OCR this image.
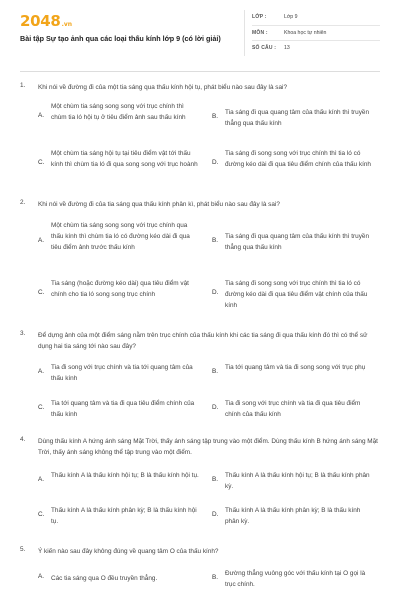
2048 .vn
Bài tập Sự tạo ảnh qua các loại thấu kính lớp 9 (có lời giải)
LỚP :	Lớp 9
MÔN :	Khoa học tự nhiên
SỐ CÂU : 13
1. Khi nói về đường đi của một tia sáng qua thấu kính hội tụ, phát biểu nào sau đây là sai?
A.
Một chùm tia sáng song song với trục chính thì chùm tia ló hội tụ ở tiêu điểm ảnh sau thấu kính	B.
Tia sáng đi qua quang tâm của thấu kính thì truyền thẳng qua thấu kính
C.
Một chùm tia sáng hội tụ tại tiêu điểm vật tới thấu kính thì chùm tia ló đi qua song song với trục hoành D.
Tia sáng đi song song với trục chính thì tia ló có đường kéo dài đi qua tiêu điểm chính của thấu kính
2. Khi nói về đường đi của tia sáng qua thấu kính phân kì, phát biểu nào sau đây là sai?
A.
Một chùm tia sáng song song với trục chính qua thấu kính thì chùm tia ló có đường kéo dài đi qua tiêu điểm ảnh trước thấu kính
B.
Tia sáng đi qua quang tâm của thấu kính thì truyền thẳng qua thấu kính
C.
Tia sáng (hoặc đường kéo dài) qua tiêu điểm vật chính cho tia ló song song trục chính	D.
Tia sáng đi song song với trục chính thì tia ló có đường kéo dài đi qua tiêu điểm vật chính của thấu kính
3. Để dựng ảnh của một điểm sáng nằm trên trục chính của thấu kính khi các tia sáng đi qua thấu kính đó thì có thể sử dụng hai tia sáng tới nào sau đây?
A.
Tia đi song với trục chính và tia tới quang tâm của thấu kính
B.
Tia tới quang tâm và tia đi song song với trục phụ
C.
Tia tới quang tâm và tia đi qua tiêu điểm chính của thấu kính
D.
Tia đi song với trục chính và tia đi qua tiêu điểm chính của thấu kính
4. Dùng thấu kính A hứng ánh sáng Mặt Trời, thấy ánh sáng tập trung vào một điểm. Dùng thấu kính B hứng ánh sáng Mặt Trời, thấy ánh sáng không thể tập trung vào một điểm.
A.
Thấu kính A là thấu kính hội tụ; B là thấu kính hội tụ.
B.
Thấu kính A là thấu kính hội tụ; B là thấu kính phân kỳ.
C.
Thấu kính A là thấu kính phân kỳ; B là thấu kính hội tụ.
D.
Thấu kính A là thấu kính phân kỳ; B là thấu kính phân kỳ.
5. Ý kiến nào sau đây không đúng về quang tâm O của thấu kính?
A. Các tia sáng qua O đều truyền thẳng.	B.
Đường thẳng vuông góc với thấu kính tại O gọi là trục chính.
